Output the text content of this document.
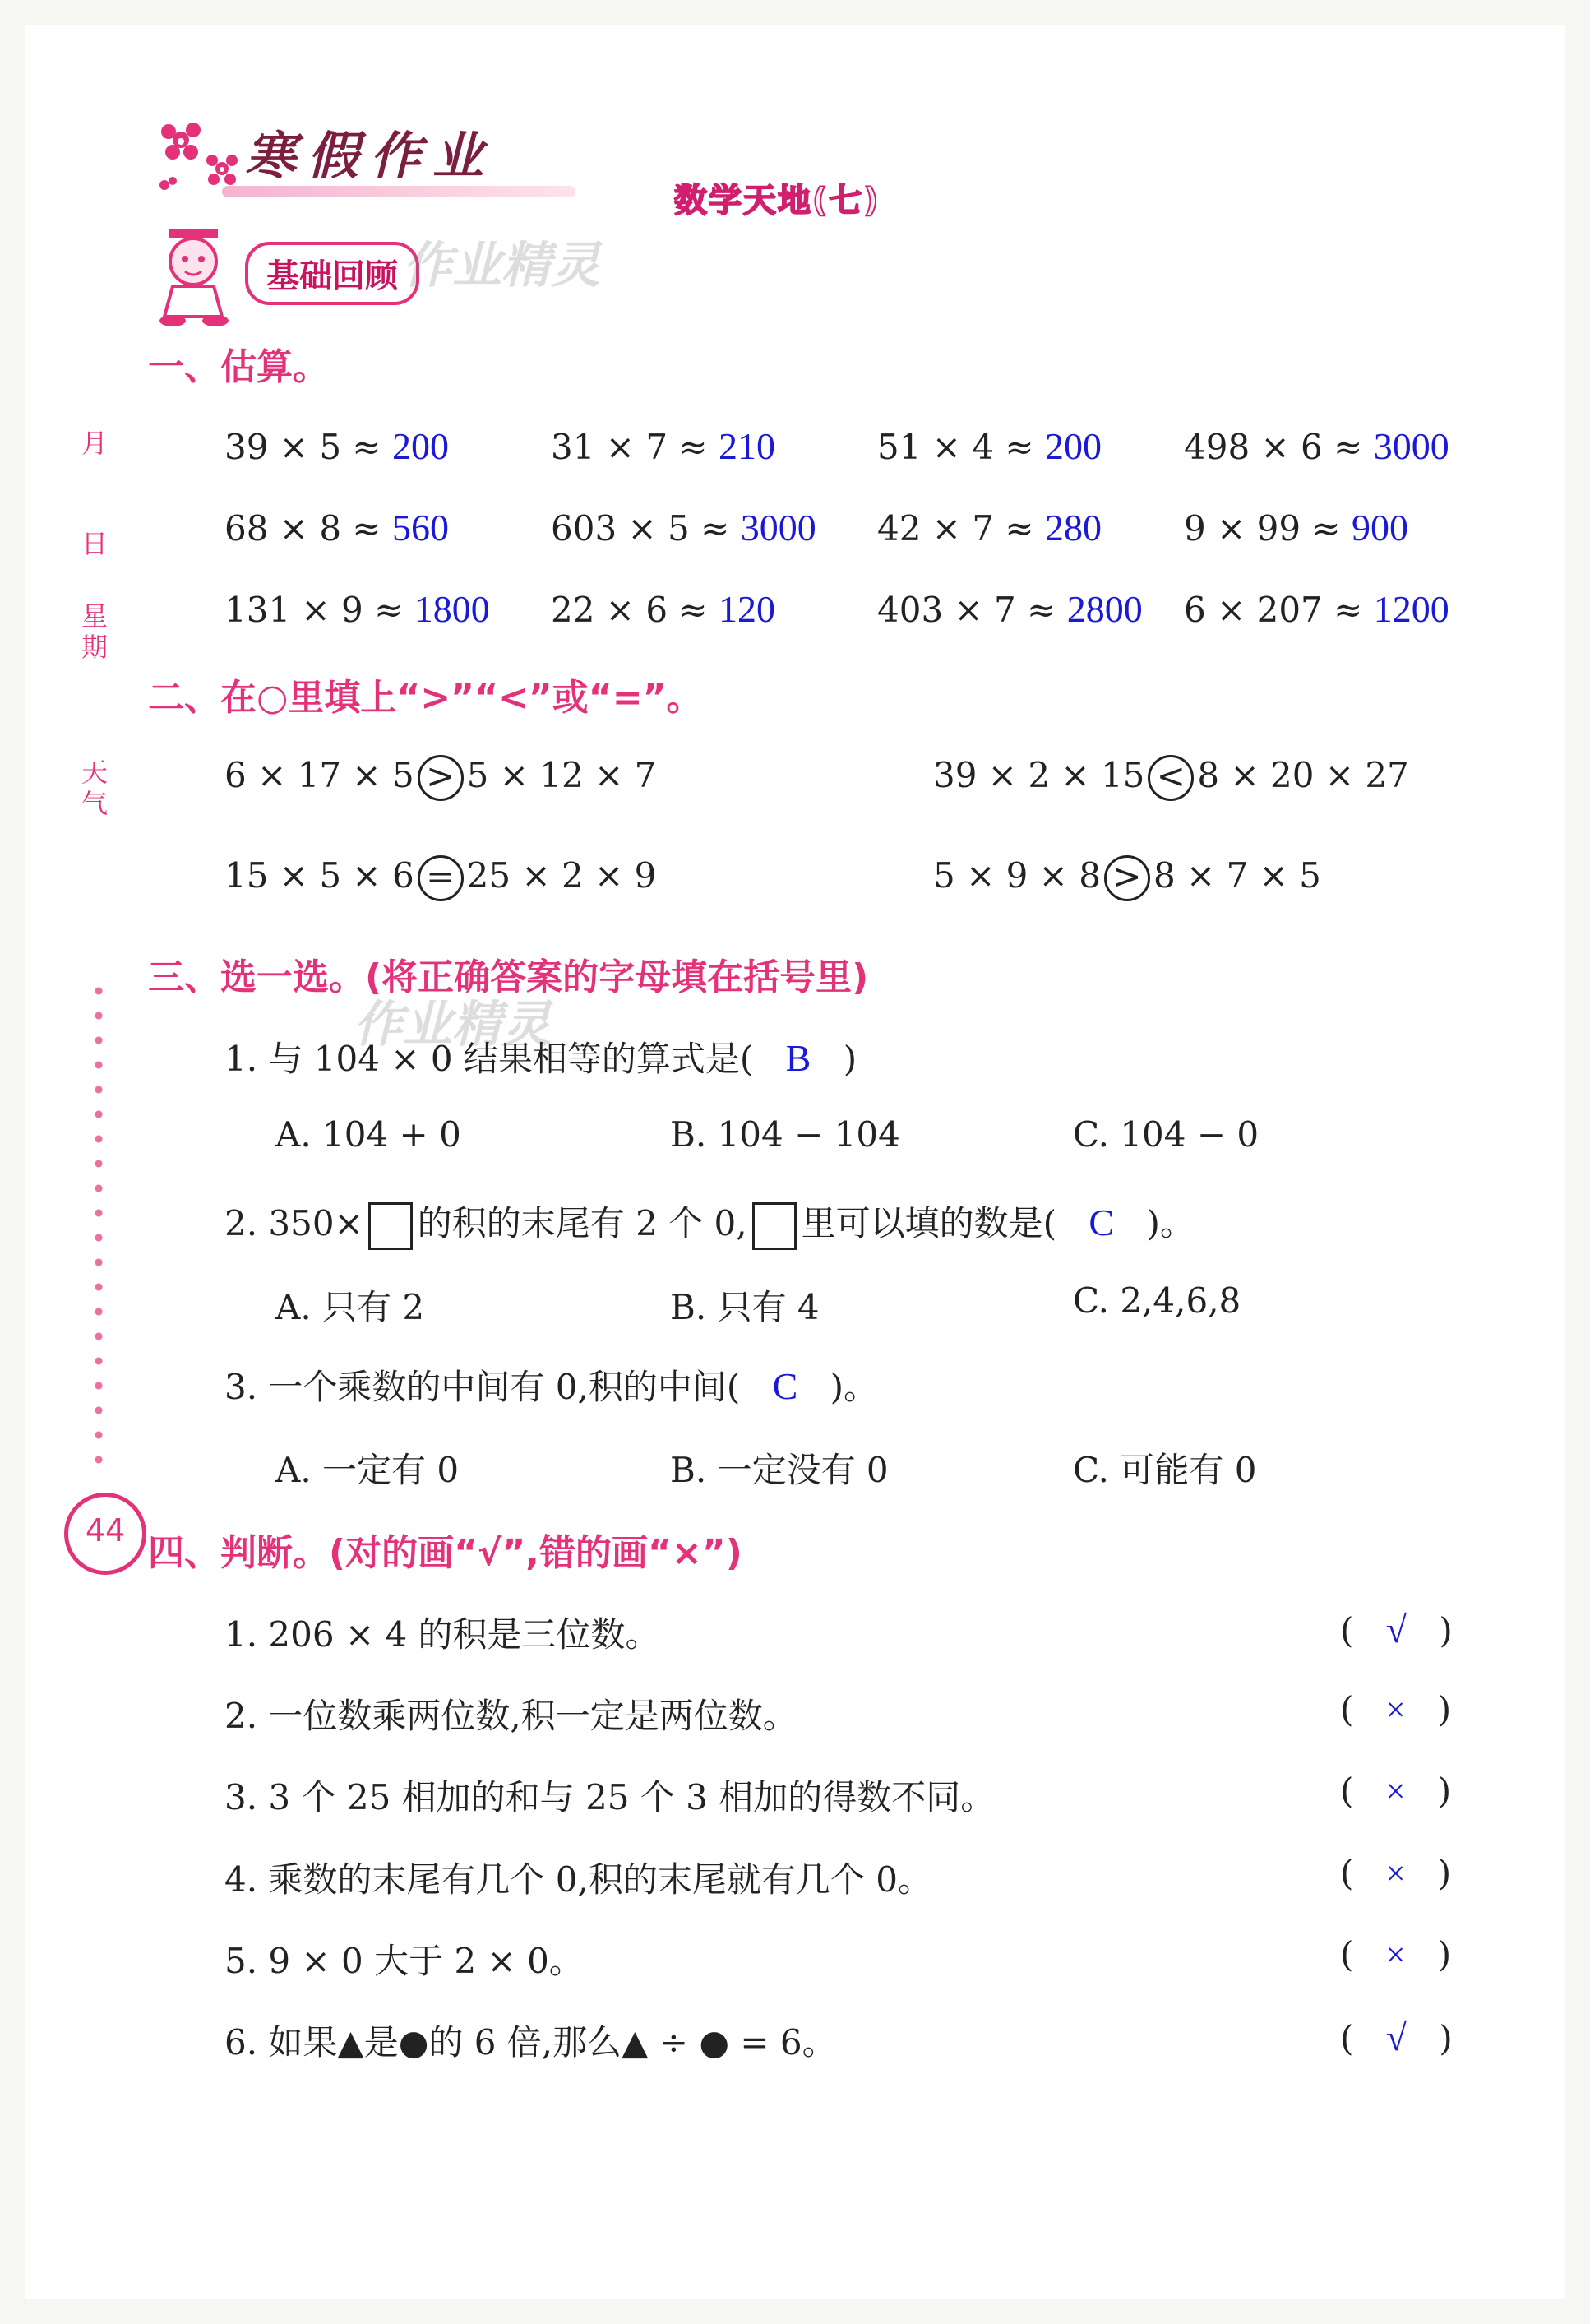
寒假作业
数学天地(七)
基础回顾 作业精灵
月
日
星期
天气
44
一、估算。
39 × 5 ≈ 200	31 × 7 ≈ 210	51 × 4 ≈ 200 498 × 6 ≈ 3000
68 × 8 ≈ 560	603 × 5 ≈ 3000 42 × 7 ≈ 280 9 × 99 ≈ 900
131 × 9 ≈ 1800 22 × 6 ≈ 120	403 × 7 ≈ 2800 6 × 207 ≈ 1200
二、在○里填上“>”“<”或“=”。
6 × 17 × 5 > 5 × 12 × 7	39 × 2 × 15 < 8 × 20 × 27
15 × 5 × 6 = 25 × 2 × 9	5 × 9 × 8 > 8 × 7 × 5
三、选一选。(将正确答案的字母填在括号里)
作业精灵
1. 与 104 × 0 结果相等的算式是( B )
A. 104 + 0	B. 104 − 104	C. 104 − 0
2. 350× 的积的末尾有 2 个 0, 里可以填的数是( C )。
A. 只有 2	B. 只有 4	C. 2,4,6,8
3. 一个乘数的中间有 0,积的中间( C )。
A. 一定有 0	B. 一定没有 0	C. 可能有 0
四、判断。(对的画“√”,错的画“×”)
1. 206 × 4 的积是三位数。	( √ )
2. 一位数乘两位数,积一定是两位数。	( × )
3. 3 个 25 相加的和与 25 个 3 相加的得数不同。	( × )
4. 乘数的末尾有几个 0,积的末尾就有几个 0。	( × )
5. 9 × 0 大于 2 × 0。	( × )
6. 如果▲是●的 6 倍,那么▲ ÷ ● = 6。	( √ )
